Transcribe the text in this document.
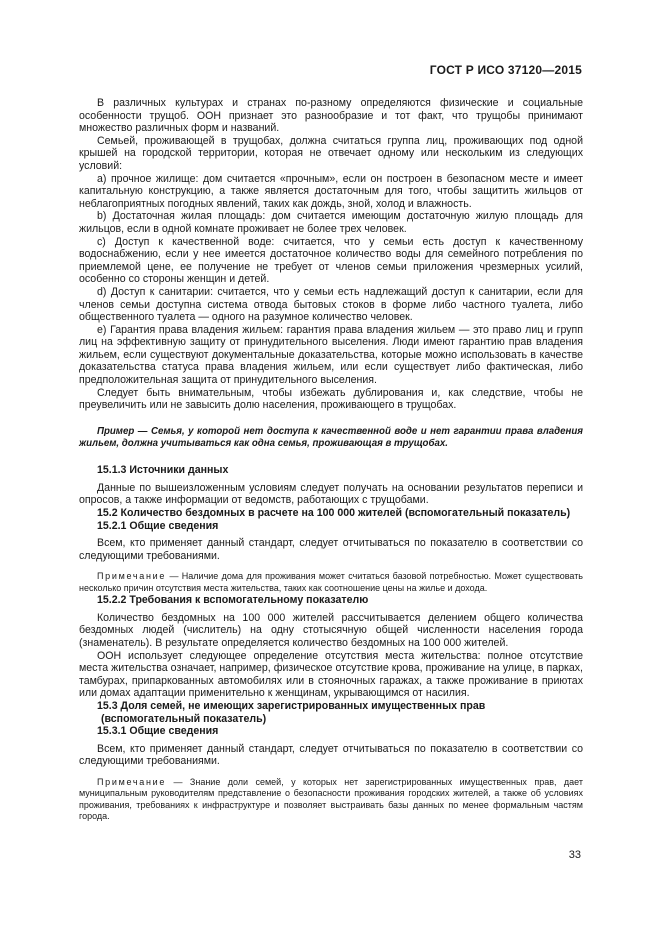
ГОСТ Р ИСО 37120—2015

В различных культурах и странах по-разному определяются физические и социальные особенности трущоб. ООН признает это разнообразие и тот факт, что трущобы принимают множество различных форм и названий.

Семьей, проживающей в трущобах, должна считаться группа лиц, проживающих под одной крышей на городской территории, которая не отвечает одному или нескольким из следующих условий:

a) прочное жилище: дом считается «прочным», если он построен в безопасном месте и имеет капитальную конструкцию, а также является достаточным для того, чтобы защитить жильцов от неблагоприятных погодных явлений, таких как дождь, зной, холод и влажность.

b) Достаточная жилая площадь: дом считается имеющим достаточную жилую площадь для жильцов, если в одной комнате проживает не более трех человек.

c) Доступ к качественной воде: считается, что у семьи есть доступ к качественному водоснабжению, если у нее имеется достаточное количество воды для семейного потребления по приемлемой цене, ее получение не требует от членов семьи приложения чрезмерных усилий, особенно со стороны женщин и детей.

d) Доступ к санитарии: считается, что у семьи есть надлежащий доступ к санитарии, если для членов семьи доступна система отвода бытовых стоков в форме либо частного туалета, либо общественного туалета — одного на разумное количество человек.

e) Гарантия права владения жильем: гарантия права владения жильем — это право лиц и групп лиц на эффективную защиту от принудительного выселения. Люди имеют гарантию прав владения жильем, если существуют документальные доказательства, которые можно использовать в качестве доказательства статуса права владения жильем, или если существует либо фактическая, либо предположительная защита от принудительного выселения.

Следует быть внимательным, чтобы избежать дублирования и, как следствие, чтобы не преувеличить или не завысить долю населения, проживающего в трущобах.

Пример — Семья, у которой нет доступа к качественной воде и нет гарантии права владения жильем, должна учитываться как одна семья, проживающая в трущобах.

15.1.3 Источники данных

Данные по вышеизложенным условиям следует получать на основании результатов переписи и опросов, а также информации от ведомств, работающих с трущобами.

15.2 Количество бездомных в расчете на 100 000 жителей (вспомогательный показатель)

15.2.1 Общие сведения

Всем, кто применяет данный стандарт, следует отчитываться по показателю в соответствии со следующими требованиями.

Примечание — Наличие дома для проживания может считаться базовой потребностью. Может существовать несколько причин отсутствия места жительства, таких как соотношение цены на жилье и дохода.

15.2.2 Требования к вспомогательному показателю

Количество бездомных на 100 000 жителей рассчитывается делением общего количества бездомных людей (числитель) на одну стотысячную общей численности населения города (знаменатель). В результате определяется количество бездомных на 100 000 жителей.

ООН использует следующее определение отсутствия места жительства: полное отсутствие места жительства означает, например, физическое отсутствие крова, проживание на улице, в парках, тамбурах, припаркованных автомобилях или в стояночных гаражах, а также проживание в приютах или домах адаптации применительно к женщинам, укрывающимся от насилия.

15.3 Доля семей, не имеющих зарегистрированных имущественных прав
(вспомогательный показатель)

15.3.1 Общие сведения

Всем, кто применяет данный стандарт, следует отчитываться по показателю в соответствии со следующими требованиями.

Примечание — Знание доли семей, у которых нет зарегистрированных имущественных прав, дает муниципальным руководителям представление о безопасности проживания городских жителей, а также об условиях проживания, требованиях к инфраструктуре и позволяет выстраивать базы данных по менее формальным частям города.

33
